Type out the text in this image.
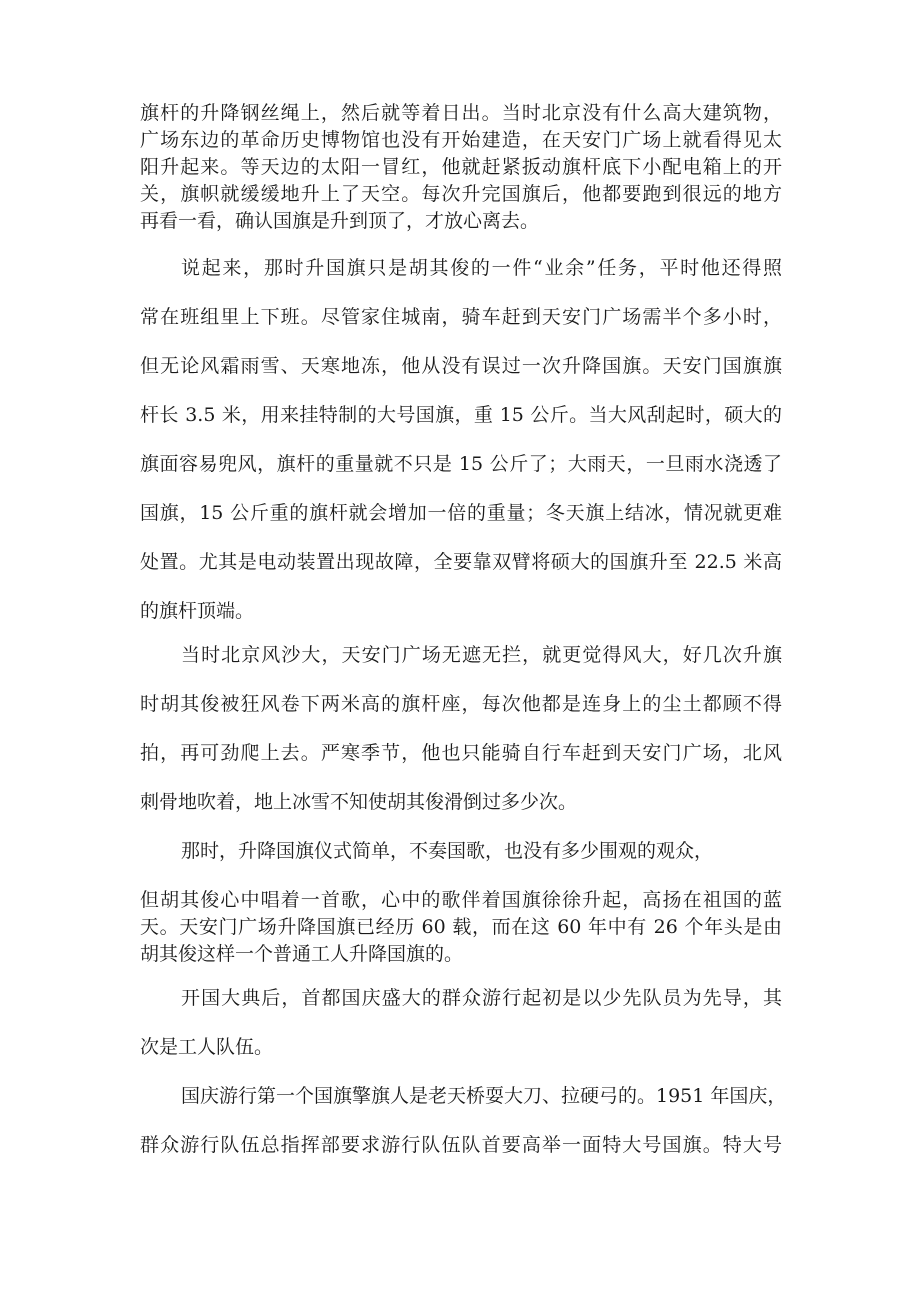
旗杆的升降钢丝绳上，然后就等着日出。当时北京没有什么高大建筑物，
广场东边的革命历史博物馆也没有开始建造，在天安门广场上就看得见太
阳升起来。等天边的太阳一冒红，他就赶紧扳动旗杆底下小配电箱上的开
关，旗帜就缓缓地升上了天空。每次升完国旗后，他都要跑到很远的地方
再看一看，确认国旗是升到顶了，才放心离去。
说起来，那时升国旗只是胡其俊的一件“业余”任务，平时他还得照
常在班组里上下班。尽管家住城南，骑车赶到天安门广场需半个多小时，
但无论风霜雨雪、天寒地冻，他从没有误过一次升降国旗。天安门国旗旗
杆长 3.5 米，用来挂特制的大号国旗，重 15 公斤。当大风刮起时，硕大的
旗面容易兜风，旗杆的重量就不只是 15 公斤了；大雨天，一旦雨水浇透了
国旗，15 公斤重的旗杆就会增加一倍的重量；冬天旗上结冰，情况就更难
处置。尤其是电动装置出现故障，全要靠双臂将硕大的国旗升至 22.5 米高
的旗杆顶端。
当时北京风沙大，天安门广场无遮无拦，就更觉得风大，好几次升旗
时胡其俊被狂风卷下两米高的旗杆座，每次他都是连身上的尘土都顾不得
拍，再可劲爬上去。严寒季节，他也只能骑自行车赶到天安门广场，北风
刺骨地吹着，地上冰雪不知使胡其俊滑倒过多少次。
那时，升降国旗仪式简单，不奏国歌，也没有多少围观的观众，
但胡其俊心中唱着一首歌，心中的歌伴着国旗徐徐升起，高扬在祖国的蓝
天。天安门广场升降国旗已经历 60 载，而在这 60 年中有 26 个年头是由
胡其俊这样一个普通工人升降国旗的。
开国大典后，首都国庆盛大的群众游行起初是以少先队员为先导，其
次是工人队伍。
国庆游行第一个国旗擎旗人是老天桥耍大刀、拉硬弓的。1951 年国庆，
群众游行队伍总指挥部要求游行队伍队首要高举一面特大号国旗。特大号
